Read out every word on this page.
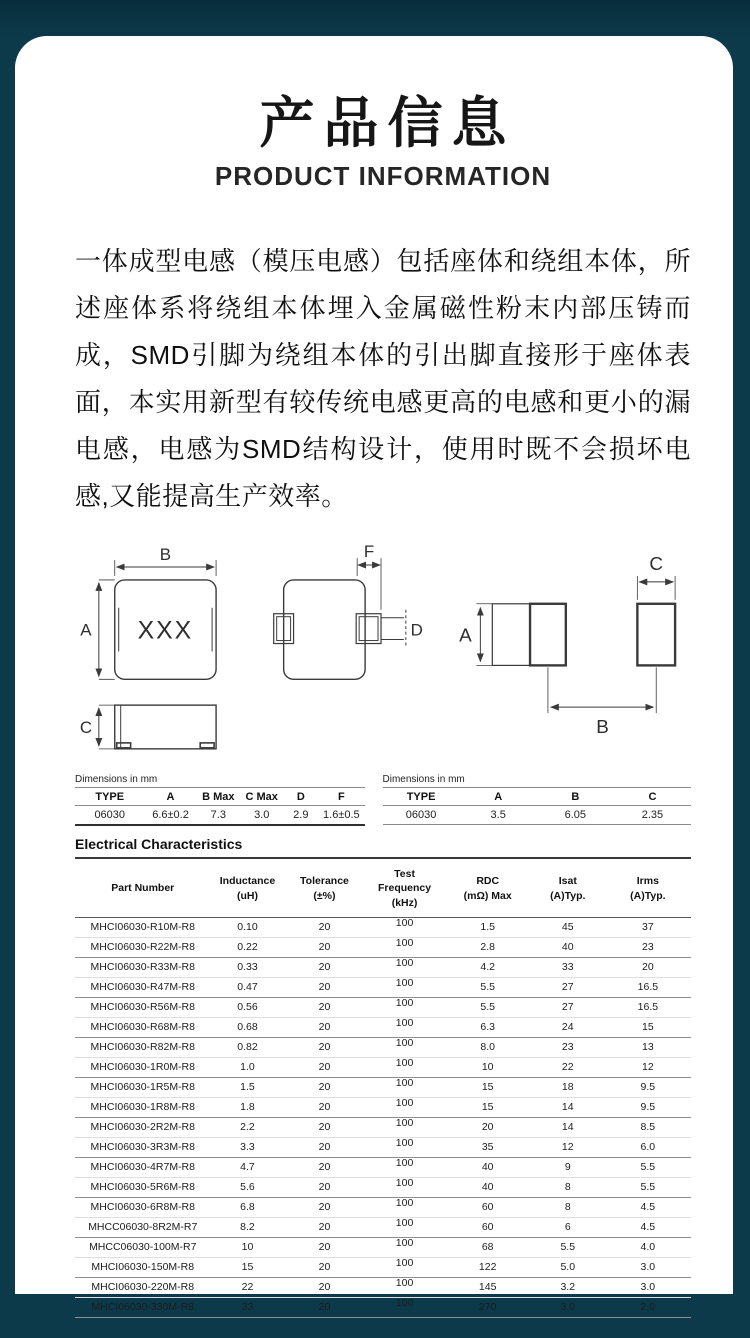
产品信息
PRODUCT INFORMATION
一体成型电感（模压电感）包括座体和绕组本体，所述座体系将绕组本体埋入金属磁性粉末内部压铸而成，SMD引脚为绕组本体的引出脚直接形于座体表面，本实用新型有较传统电感更高的电感和更小的漏电感，电感为SMD结构设计，使用时既不会损坏电感,又能提高生产效率。
B
A XXX
F
D
C
A
C
B
Dimensions in mm
TYPE	A	B Max	C Max	D	F
06030	6.6±0.2	7.3	3.0	2.9	1.6±0.5
Dimensions in mm
TYPE	A	B	C
06030	3.5	6.05	2.35
Electrical Characteristics
Part Number

Inductance
(uH)

Tolerance
(±%)

Test
Frequency
(kHz)

RDC
(mΩ) Max

Isat
(A)Typ.

Irms
(A)Typ.

MHCI06030-R10M-R8	0.10	20	100	1.5	45	37
MHCI06030-R22M-R8	0.22	20	100	2.8	40	23
MHCI06030-R33M-R8	0.33	20	100	4.2	33	20
MHCI06030-R47M-R8	0.47	20	100	5.5	27	16.5
MHCI06030-R56M-R8	0.56	20	100	5.5	27	16.5
MHCI06030-R68M-R8	0.68	20	100	6.3	24	15
MHCI06030-R82M-R8	0.82	20	100	8.0	23	13
MHCI06030-1R0M-R8	1.0	20	100	10	22	12
MHCI06030-1R5M-R8	1.5	20	100	15	18	9.5
MHCI06030-1R8M-R8	1.8	20	100	15	14	9.5
MHCI06030-2R2M-R8	2.2	20	100	20	14	8.5
MHCI06030-3R3M-R8	3.3	20	100	35	12	6.0
MHCI06030-4R7M-R8	4.7	20	100	40	9	5.5
MHCI06030-5R6M-R8	5.6	20	100	40	8	5.5
MHCI06030-6R8M-R8	6.8	20	100	60	8	4.5
MHCC06030-8R2M-R7	8.2	20	100	60	6	4.5
MHCC06030-100M-R7	10	20	100	68	5.5	4.0
MHCI06030-150M-R8	15	20	100	122	5.0	3.0
MHCI06030-220M-R8	22	20	100	145	3.2	3.0
MHCI06030-330M-R8	33	20	100	270	3.0	2.0
